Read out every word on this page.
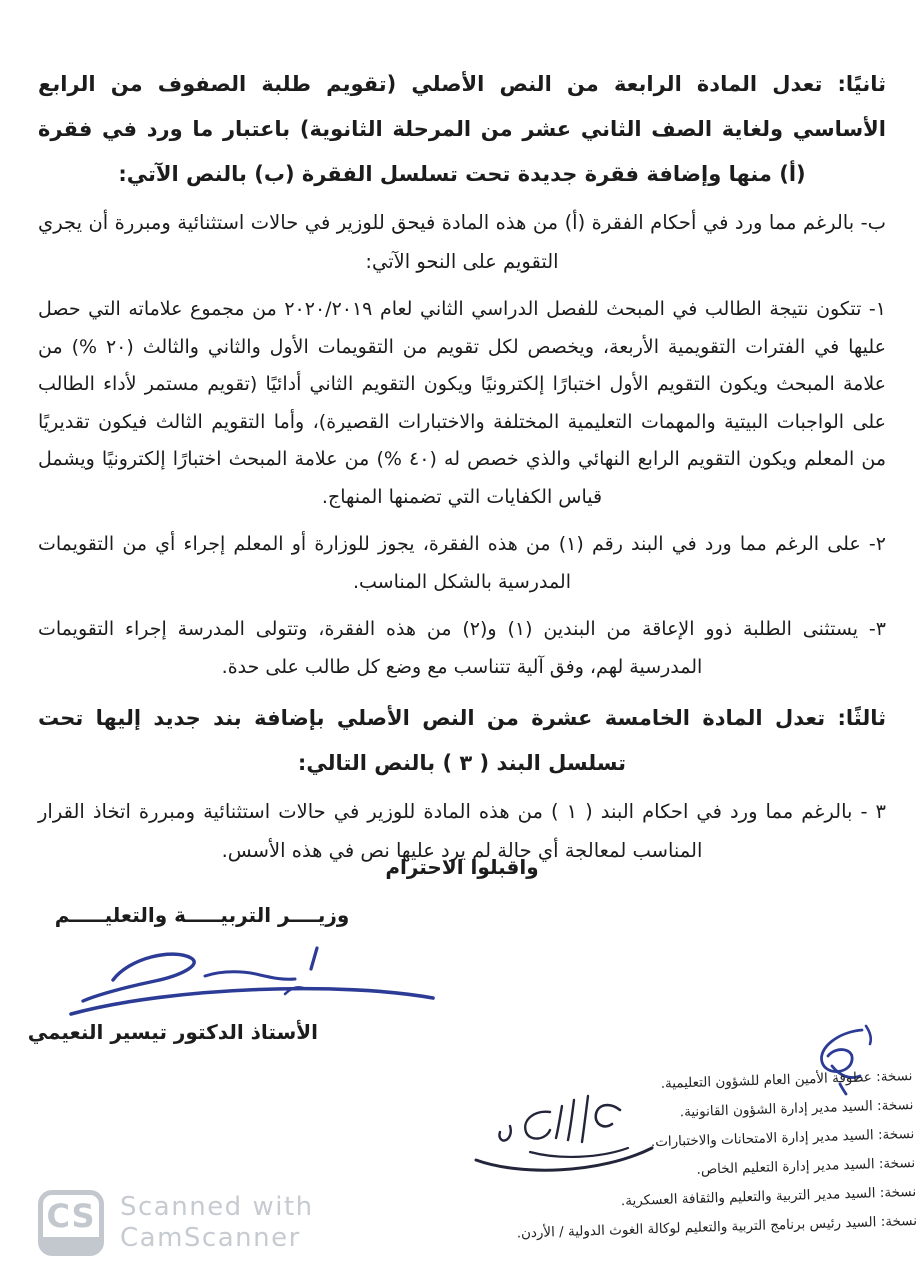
ثانيًا: تعدل المادة الرابعة من النص الأصلي (تقويم طلبة الصفوف من الرابع الأساسي ولغاية الصف الثاني عشر من المرحلة الثانوية) باعتبار ما ورد في فقرة (أ) منها وإضافة فقرة جديدة تحت تسلسل الفقرة (ب) بالنص الآتي:

ب- بالرغم مما ورد في أحكام الفقرة (أ) من هذه المادة فيحق للوزير في حالات استثنائية ومبررة أن يجري التقويم على النحو الآتي:

١- تتكون نتيجة الطالب في المبحث للفصل الدراسي الثاني لعام ٢٠٢٠/٢٠١٩ من مجموع علاماته التي حصل عليها في الفترات التقويمية الأربعة، ويخصص لكل تقويم من التقويمات الأول والثاني والثالث (٢٠ %) من علامة المبحث ويكون التقويم الأول اختبارًا إلكترونيًا ويكون التقويم الثاني أدائيًا (تقويم مستمر لأداء الطالب على الواجبات البيتية والمهمات التعليمية المختلفة والاختبارات القصيرة)، وأما التقويم الثالث فيكون تقديريًا من المعلم ويكون التقويم الرابع النهائي والذي خصص له (٤٠ %) من علامة المبحث اختبارًا إلكترونيًا ويشمل قياس الكفايات التي تضمنها المنهاج.

٢- على الرغم مما ورد في البند رقم (١) من هذه الفقرة، يجوز للوزارة أو المعلم إجراء أي من التقويمات المدرسية بالشكل المناسب.

٣- يستثنى الطلبة ذوو الإعاقة من البندين (١) و(٢) من هذه الفقرة، وتتولى المدرسة إجراء التقويمات المدرسية لهم، وفق آلية تتناسب مع وضع كل طالب على حدة.

ثالثًا: تعدل المادة الخامسة عشرة من النص الأصلي بإضافة بند جديد إليها تحت تسلسل البند ( ٣ ) بالنص التالي:

٣ - بالرغم مما ورد في احكام البند ( ١ ) من هذه المادة للوزير في حالات استثنائية ومبررة اتخاذ القرار المناسب لمعالجة أي حالة لم يرد عليها نص في هذه الأسس.

واقبلوا الاحترام
وزيــــر التربيـــــة والتعليـــــم
الأستاذ الدكتور تيسير النعيمي
نسخة: عطوفة الأمين العام للشؤون التعليمية.
نسخة: السيد مدير إدارة الشؤون القانونية.
نسخة: السيد مدير إدارة الامتحانات والاختبارات.
نسخة: السيد مدير إدارة التعليم الخاص.
نسخة: السيد مدير التربية والتعليم والثقافة العسكرية.
نسخة: السيد رئيس برنامج التربية والتعليم لوكالة الغوث الدولية / الأردن.
CS Scanned with
CamScanner
